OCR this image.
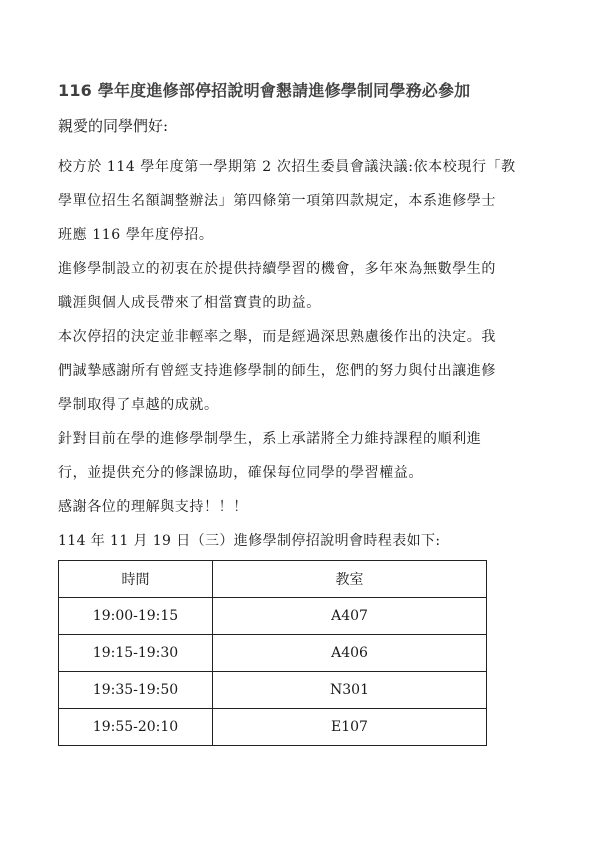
116 學年度進修部停招說明會懇請進修學制同學務必參加

親愛的同學們好:

校方於 114 學年度第一學期第 2 次招生委員會議決議:依本校現行「教
學單位招生名額調整辦法」第四條第一項第四款規定，本系進修學士
班應 116 學年度停招。

進修學制設立的初衷在於提供持續學習的機會，多年來為無數學生的
職涯與個人成長帶來了相當寶貴的助益。

本次停招的決定並非輕率之舉，而是經過深思熟慮後作出的決定。我
們誠摯感謝所有曾經支持進修學制的師生，您們的努力與付出讓進修
學制取得了卓越的成就。

針對目前在學的進修學制學生，系上承諾將全力維持課程的順利進
行，並提供充分的修課協助，確保每位同學的學習權益。

感謝各位的理解與支持！！！

114 年 11 月 19 日（三）進修學制停招說明會時程表如下:

時間	教室
19:00-19:15	A407
19:15-19:30	A406
19:35-19:50	N301
19:55-20:10	E107
